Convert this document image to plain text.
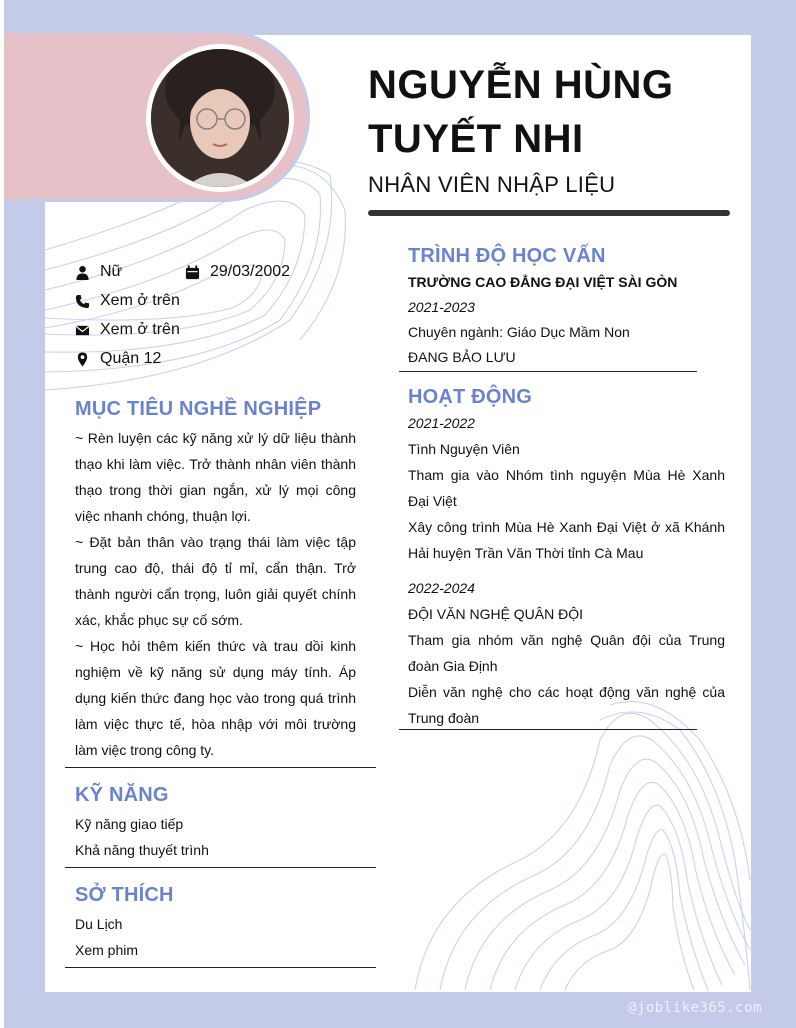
NGUYỄN HÙNG
TUYẾT NHI
NHÂN VIÊN NHẬP LIỆU
Nữ	29/03/2002
Xem ở trên
Xem ở trên
Quận 12
MỤC TIÊU NGHỀ NGHIỆP

~ Rèn luyện các kỹ năng xử lý dữ liệu thành thạo khi làm việc. Trở thành nhân viên thành thạo trong thời gian ngắn, xử lý mọi công việc nhanh chóng, thuận lợi.

~ Đặt bản thân vào trạng thái làm việc tập trung cao độ, thái độ tỉ mỉ, cẩn thận. Trở thành người cẩn trọng, luôn giải quyết chính xác, khắc phục sự cố sớm.

~ Học hỏi thêm kiến thức và trau dồi kinh nghiệm về kỹ năng sử dụng máy tính. Áp dụng kiến thức đang học vào trong quá trình làm việc thực tế, hòa nhập với môi trường làm việc trong công ty.

KỸ NĂNG
Kỹ năng giao tiếp
Khả năng thuyết trình
SỞ THÍCH
Du Lịch
Xem phim
TRÌNH ĐỘ HỌC VẤN
TRƯỜNG CAO ĐẲNG ĐẠI VIỆT SÀI GÒN
2021-2023
Chuyên ngành: Giáo Dục Mầm Non
ĐANG BẢO LƯU
HOẠT ĐỘNG
2021-2022
Tình Nguyện Viên
Tham gia vào Nhóm tình nguyện Mùa Hè Xanh Đại Việt
Xây công trình Mùa Hè Xanh Đại Việt ở xã Khánh Hải huyện Trần Văn Thời tỉnh Cà Mau
2022-2024
ĐỘI VĂN NGHỆ QUÂN ĐỘI
Tham gia nhóm văn nghệ Quân đội của Trung đoàn Gia Định
Diễn văn nghệ cho các hoạt động văn nghệ của Trung đoàn
@joblike365.com
